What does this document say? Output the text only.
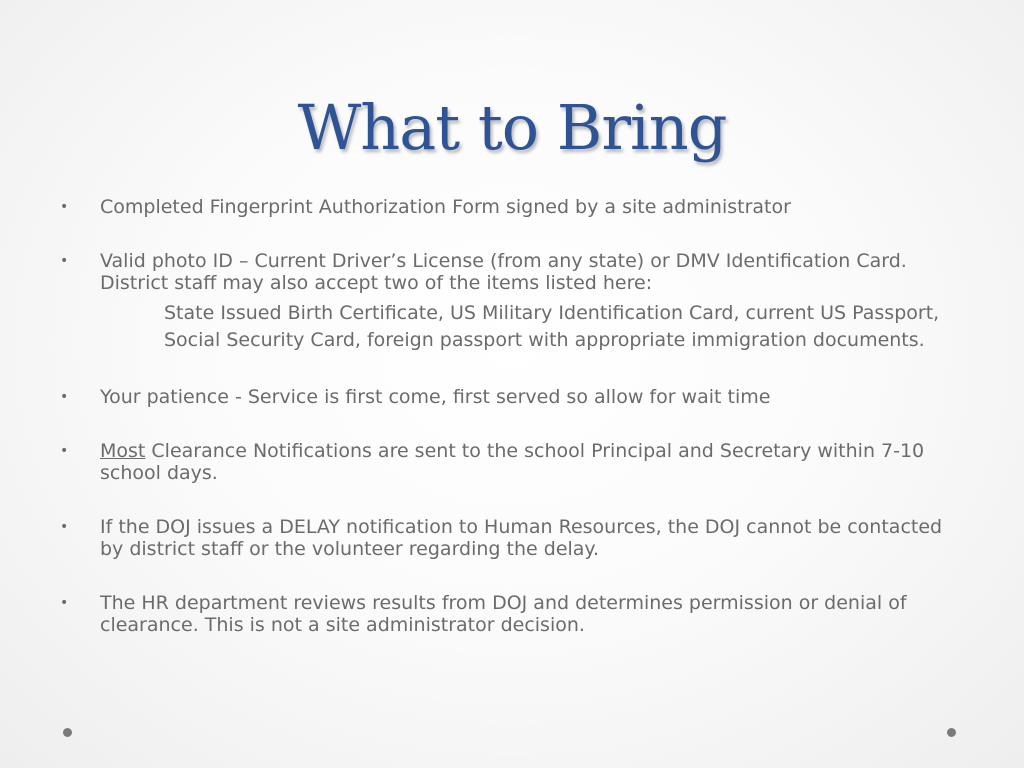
What to Bring
•	Completed Fingerprint Authorization Form signed by a site administrator
•	Valid photo ID – Current Driver’s License (from any state) or DMV Identification Card. District staff may also accept two of the items listed here:
State Issued Birth Certificate, US Military Identification Card, current US Passport, Social Security Card, foreign passport with appropriate immigration documents.
•	Your patience - Service is first come, first served so allow for wait time
•	Most Clearance Notifications are sent to the school Principal and Secretary within 7-10 school days.
•	If the DOJ issues a DELAY notification to Human Resources, the DOJ cannot be contacted by district staff or the volunteer regarding the delay.
•	The HR department reviews results from DOJ and determines permission or denial of clearance. This is not a site administrator decision.
